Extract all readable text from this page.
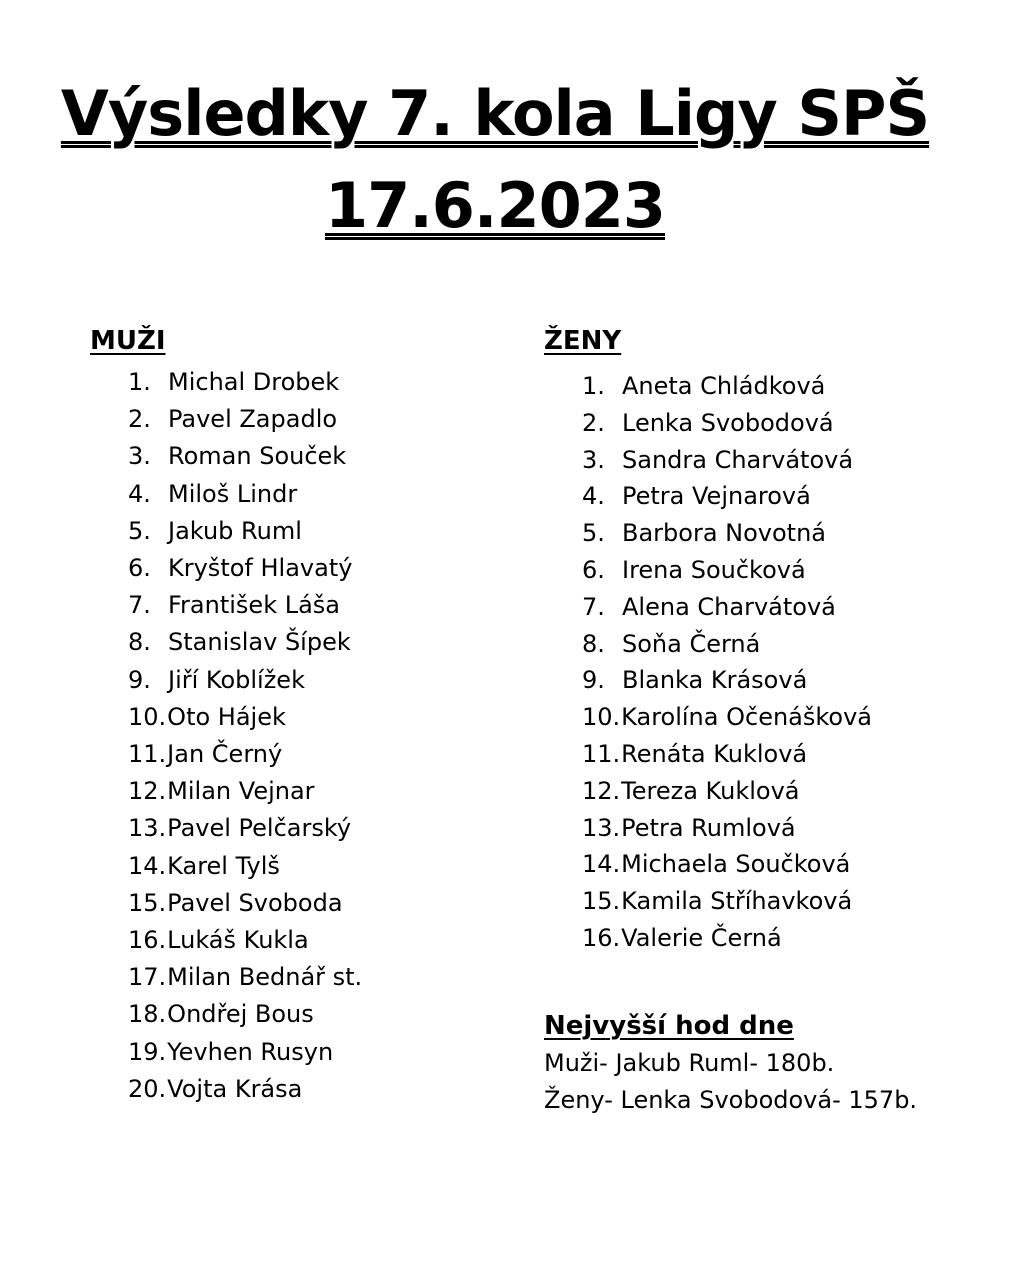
Výsledky 7. kola Ligy SPŠ
17.6.2023
MUŽI
1. Michal Drobek
2. Pavel Zapadlo
3. Roman Souček
4. Miloš Lindr
5. Jakub Ruml
6. Kryštof Hlavatý
7. František Láša
8. Stanislav Šípek
9. Jiří Koblížek
10. Oto Hájek
11. Jan Černý
12. Milan Vejnar
13. Pavel Pelčarský
14. Karel Tylš
15. Pavel Svoboda
16. Lukáš Kukla
17. Milan Bednář st.
18. Ondřej Bous
19. Yevhen Rusyn
20. Vojta Krása
ŽENY
1. Aneta Chládková
2. Lenka Svobodová
3. Sandra Charvátová
4. Petra Vejnarová
5. Barbora Novotná
6. Irena Součková
7. Alena Charvátová
8. Soňa Černá
9. Blanka Krásová
10. Karolína Očenášková
11. Renáta Kuklová
12. Tereza Kuklová
13. Petra Rumlová
14. Michaela Součková
15. Kamila Stříhavková
16. Valerie Černá
Nejvyšší hod dne
Muži- Jakub Ruml- 180b.
Ženy- Lenka Svobodová- 157b.
